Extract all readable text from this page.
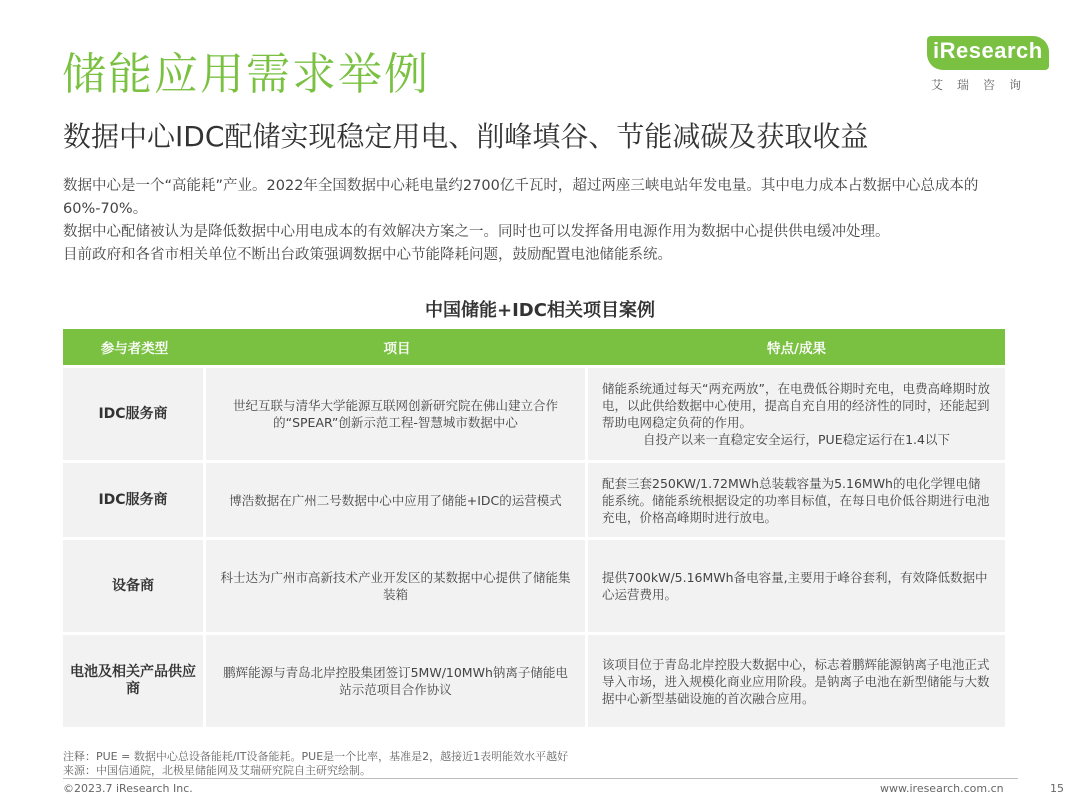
储能应用需求举例	iResearch
艾瑞咨询
数据中心IDC配储实现稳定用电、削峰填谷、节能减碳及获取收益

数据中心是一个“高能耗”产业。2022年全国数据中心耗电量约2700亿千瓦时，超过两座三峡电站年发电量。其中电力成本占数据中心总成本的60%-70%。

数据中心配储被认为是降低数据中心用电成本的有效解决方案之一。同时也可以发挥备用电源作用为数据中心提供供电缓冲处理。

目前政府和各省市相关单位不断出台政策强调数据中心节能降耗问题，鼓励配置电池储能系统。

中国储能+IDC相关项目案例
参与者类型	项目	特点/成果
IDC服务商	世纪互联与清华大学能源互联网创新研究院在佛山建立合作的“SPEAR”创新示范工程-智慧城市数据中心	储能系统通过每天“两充两放”，在电费低谷期时充电，电费高峰期时放电，以此供给数据中心使用，提高自充自用的经济性的同时，还能起到帮助电网稳定负荷的作用。
自投产以来一直稳定安全运行，PUE稳定运行在1.4以下

IDC服务商	博浩数据在广州二号数据中心中应用了储能+IDC的运营模式	配套三套250KW/1.72MWh总装载容量为5.16MWh的电化学锂电储能系统。储能系统根据设定的功率目标值，在每日电价低谷期进行电池充电，价格高峰期时进行放电。
设备商	科士达为广州市高新技术产业开发区的某数据中心提供了储能集装箱	提供700kW/5.16MWh备电容量,主要用于峰谷套利，有效降低数据中心运营费用。
电池及相关产品供应商	鹏辉能源与青岛北岸控股集团签订5MW/10MWh钠离子储能电站示范项目合作协议	该项目位于青岛北岸控股大数据中心，标志着鹏辉能源钠离子电池正式导入市场，进入规模化商业应用阶段。是钠离子电池在新型储能与大数据中心新型基础设施的首次融合应用。

注释：PUE = 数据中心总设备能耗/IT设备能耗。PUE是一个比率，基准是2，越接近1表明能效水平越好

来源：中国信通院，北极星储能网及艾瑞研究院自主研究绘制。

©2023.7 iResearch Inc.	www.iresearch.com.cn	15
